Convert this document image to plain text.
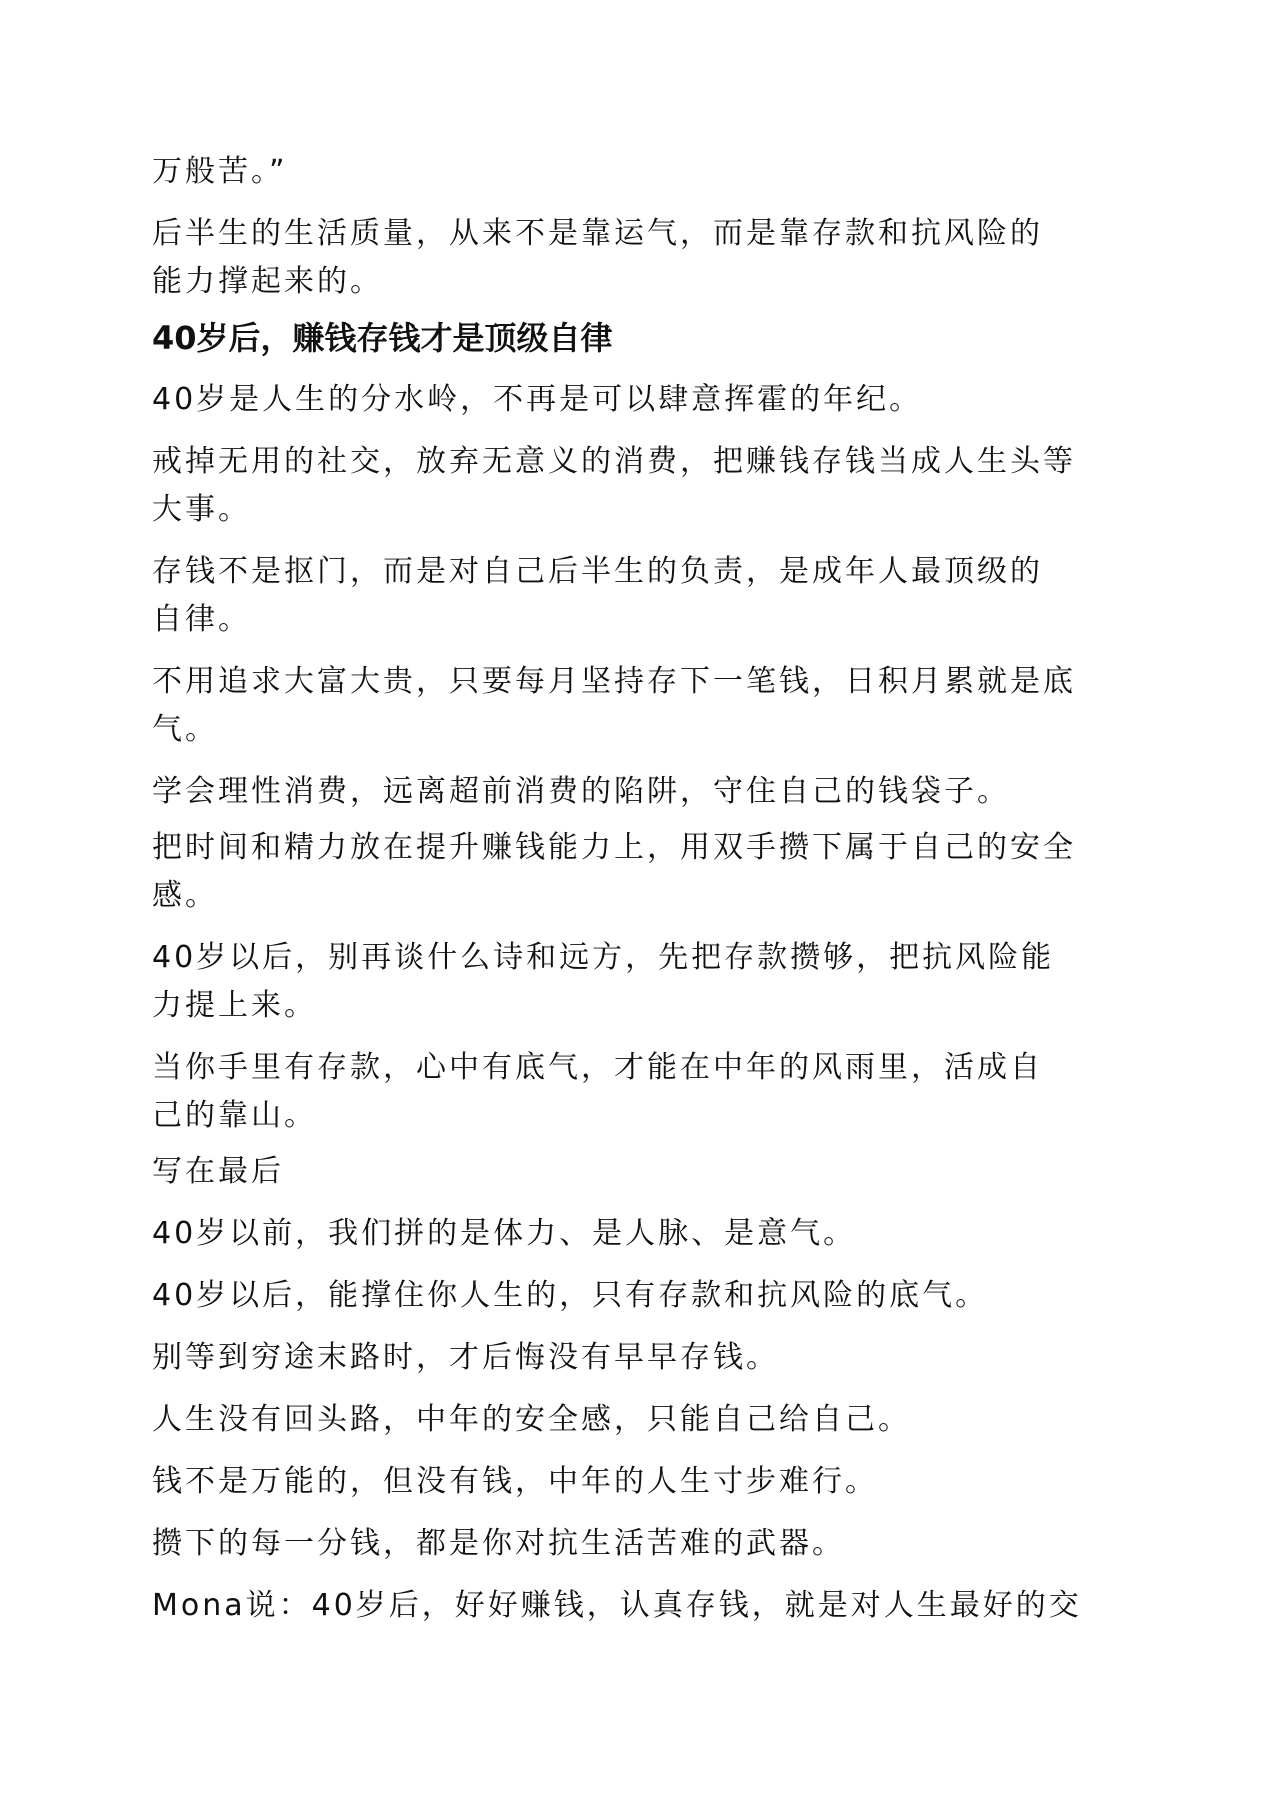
万般苦。”

后半生的生活质量，从来不是靠运气，而是靠存款和抗风险的

能力撑起来的。

40岁后，赚钱存钱才是顶级自律

40岁是人生的分水岭，不再是可以肆意挥霍的年纪。

戒掉无用的社交，放弃无意义的消费，把赚钱存钱当成人生头等

大事。

存钱不是抠门，而是对自己后半生的负责，是成年人最顶级的

自律。

不用追求大富大贵，只要每月坚持存下一笔钱，日积月累就是底

气。

学会理性消费，远离超前消费的陷阱，守住自己的钱袋子。

把时间和精力放在提升赚钱能力上，用双手攒下属于自己的安全

感。

40岁以后，别再谈什么诗和远方，先把存款攒够，把抗风险能

力提上来。

当你手里有存款，心中有底气，才能在中年的风雨里，活成自

己的靠山。

写在最后

40岁以前，我们拼的是体力、是人脉、是意气。

40岁以后，能撑住你人生的，只有存款和抗风险的底气。

别等到穷途末路时，才后悔没有早早存钱。

人生没有回头路，中年的安全感，只能自己给自己。

钱不是万能的，但没有钱，中年的人生寸步难行。

攒下的每一分钱，都是你对抗生活苦难的武器。

Mona说：40岁后，好好赚钱，认真存钱，就是对人生最好的交
